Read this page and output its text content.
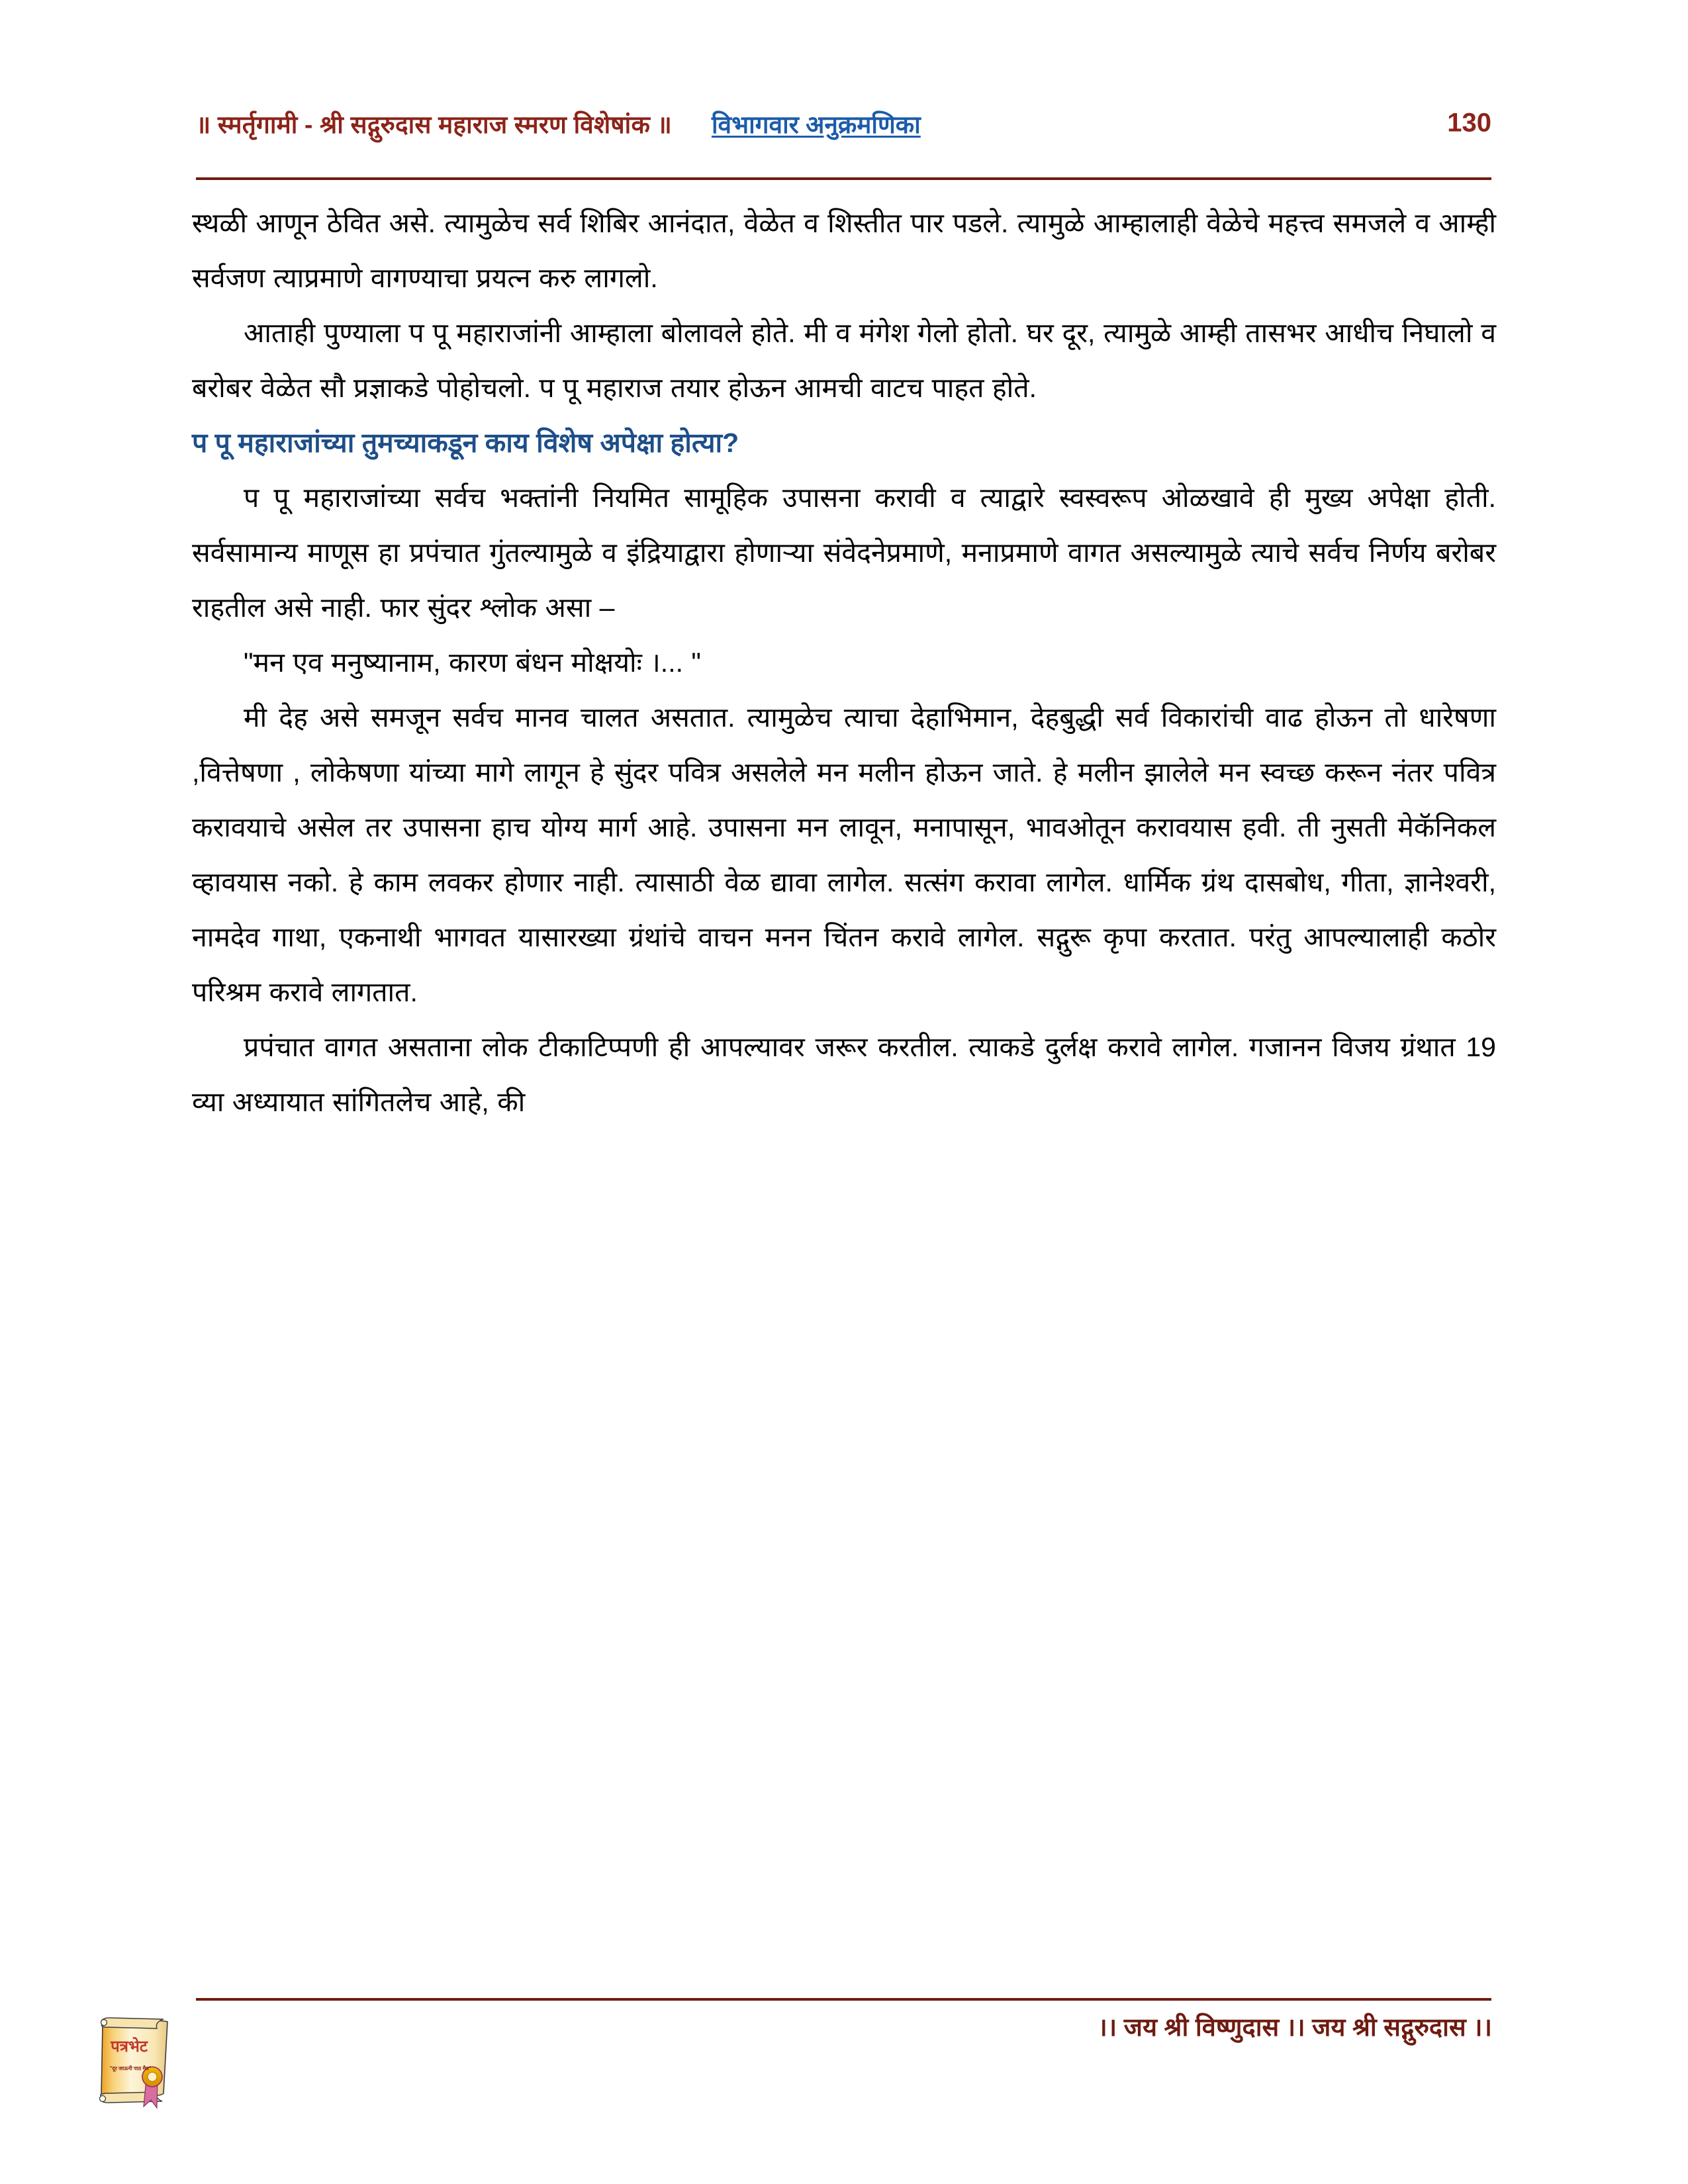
॥ स्मर्तृगामी - श्री सद्गुरुदास महाराज स्मरण विशेषांक ॥ विभागवार अनुक्रमणिका	130

स्थळी आणून ठेवित असे. त्यामुळेच सर्व शिबिर आनंदात, वेळेत व शिस्तीत पार पडले. त्यामुळे आम्हालाही वेळेचे महत्त्व समजले व आम्ही सर्वजण त्याप्रमाणे वागण्याचा प्रयत्न करु लागलो.

आताही पुण्याला प पू महाराजांनी आम्हाला बोलावले होते. मी व मंगेश गेलो होतो. घर दूर, त्यामुळे आम्ही तासभर आधीच निघालो व बरोबर वेळेत सौ प्रज्ञाकडे पोहोचलो. प पू महाराज तयार होऊन आमची वाटच पाहत होते.

प पू महाराजांच्या तुमच्याकडून काय विशेष अपेक्षा होत्या?

प पू महाराजांच्या सर्वच भक्तांनी नियमित सामूहिक उपासना करावी व त्याद्वारे स्वस्वरूप ओळखावे ही मुख्य अपेक्षा होती. सर्वसामान्य माणूस हा प्रपंचात गुंतल्यामुळे व इंद्रियाद्वारा होणाऱ्या संवेदनेप्रमाणे, मनाप्रमाणे वागत असल्यामुळे त्याचे सर्वच निर्णय बरोबर राहतील असे नाही. फार सुंदर श्लोक असा –

"मन एव मनुष्यानाम, कारण बंधन मोक्षयोः ।... "

मी देह असे समजून सर्वच मानव चालत असतात. त्यामुळेच त्याचा देहाभिमान, देहबुद्धी सर्व विकारांची वाढ होऊन तो धारेषणा ,वित्तेषणा , लोकेषणा यांच्या मागे लागून हे सुंदर पवित्र असलेले मन मलीन होऊन जाते. हे मलीन झालेले मन स्वच्छ करून नंतर पवित्र करावयाचे असेल तर उपासना हाच योग्य मार्ग आहे. उपासना मन लावून, मनापासून, भावओतून करावयास हवी. ती नुसती मेकॅनिकल व्हावयास नको. हे काम लवकर होणार नाही. त्यासाठी वेळ द्यावा लागेल. सत्संग करावा लागेल. धार्मिक ग्रंथ दासबोध, गीता, ज्ञानेश्वरी, नामदेव गाथा, एकनाथी भागवत यासारख्या ग्रंथांचे वाचन मनन चिंतन करावे लागेल. सद्गुरू कृपा करतात. परंतु आपल्यालाही कठोर परिश्रम करावे लागतात.

प्रपंचात वागत असताना लोक टीकाटिप्पणी ही आपल्यावर जरूर करतील. त्याकडे दुर्लक्ष करावे लागेल. गजानन विजय ग्रंथात 19 व्या अध्यायात सांगितलेच आहे, की

।। जय श्री विष्णुदास ।। जय श्री सद्गुरुदास ।।
पत्रभेट
"दूर जाऊनी पाठ मैत्र"
